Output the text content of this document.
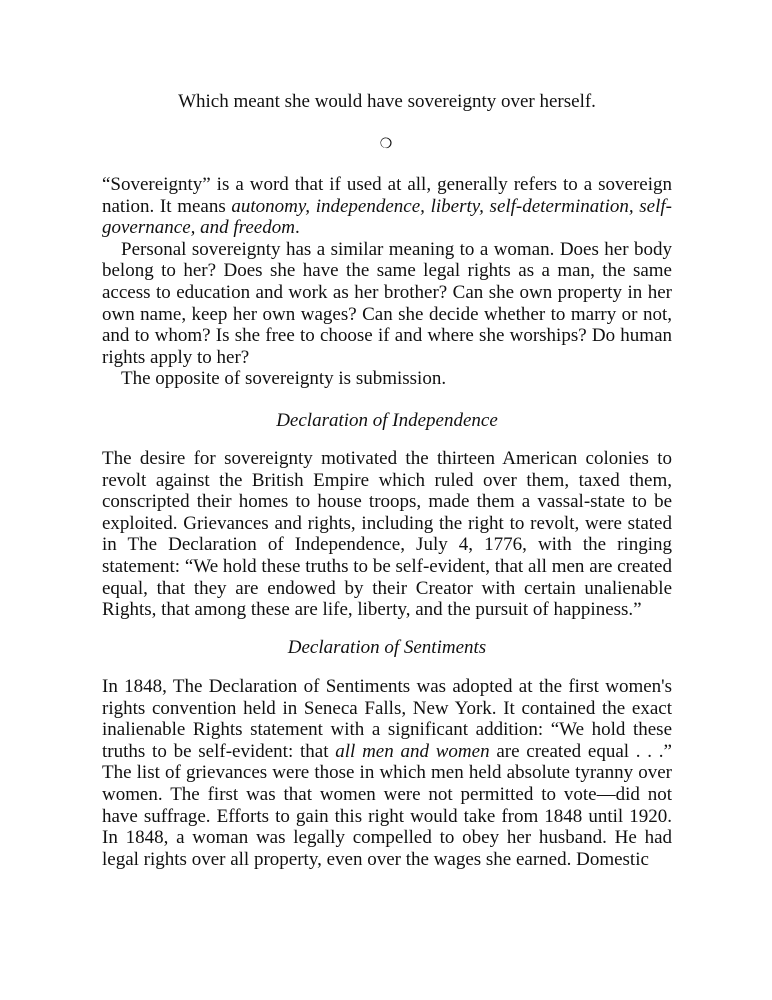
Which meant she would have sovereignty over herself.

❍

“Sovereignty” is a word that if used at all, generally refers to a sovereign nation. It means autonomy, independence, liberty, self-determination, self-governance, and freedom.

Personal sovereignty has a similar meaning to a woman. Does her body belong to her? Does she have the same legal rights as a man, the same access to education and work as her brother? Can she own property in her own name, keep her own wages? Can she decide whether to marry or not, and to whom? Is she free to choose if and where she worships? Do human rights apply to her?

The opposite of sovereignty is submission.

Declaration of Independence

The desire for sovereignty motivated the thirteen American colonies to revolt against the British Empire which ruled over them, taxed them, conscripted their homes to house troops, made them a vassal-state to be exploited. Grievances and rights, including the right to revolt, were stated in The Declaration of Independence, July 4, 1776, with the ringing statement: “We hold these truths to be self-evident, that all men are created equal, that they are endowed by their Creator with certain unalienable Rights, that among these are life, liberty, and the pursuit of happiness.”

Declaration of Sentiments

In 1848, The Declaration of Sentiments was adopted at the first women's rights convention held in Seneca Falls, New York. It contained the exact inalienable Rights statement with a significant addition: “We hold these truths to be self-evident: that all men and women are created equal . . .” The list of grievances were those in which men held absolute tyranny over women. The first was that women were not permitted to vote—did not have suffrage. Efforts to gain this right would take from 1848 until 1920. In 1848, a woman was legally compelled to obey her husband. He had legal rights over all property, even over the wages she earned. Domestic
